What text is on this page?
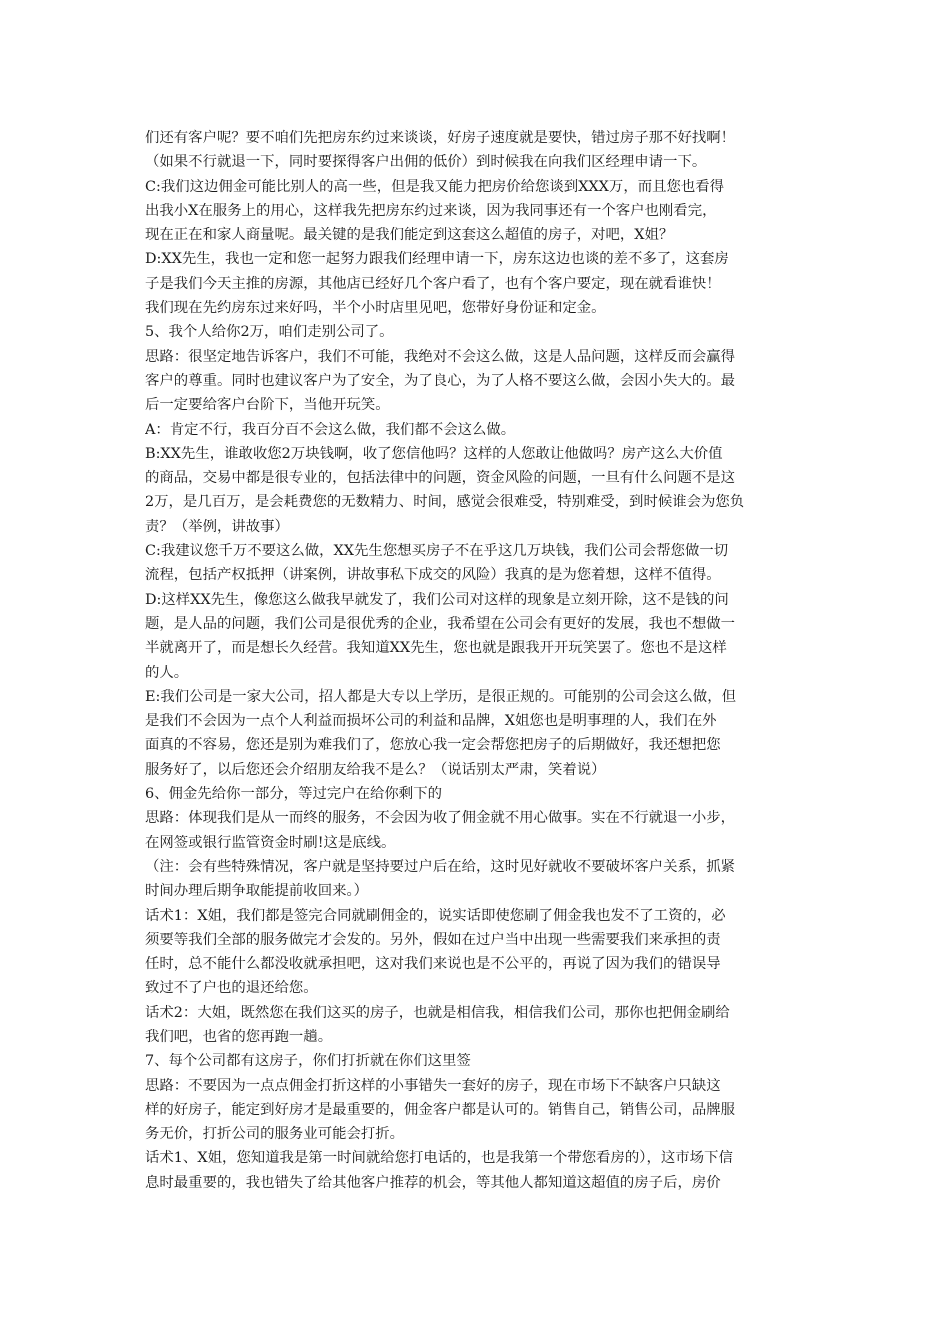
们还有客户呢？要不咱们先把房东约过来谈谈，好房子速度就是要快，错过房子那不好找啊！
（如果不行就退一下，同时要探得客户出佣的低价）到时候我在向我们区经理申请一下。
C:我们这边佣金可能比别人的高一些，但是我又能力把房价给您谈到XXX万，而且您也看得
出我小X在服务上的用心，这样我先把房东约过来谈，因为我同事还有一个客户也刚看完，
现在正在和家人商量呢。最关键的是我们能定到这套这么超值的房子，对吧，X姐？
D:XX先生，我也一定和您一起努力跟我们经理申请一下，房东这边也谈的差不多了，这套房
子是我们今天主推的房源，其他店已经好几个客户看了，也有个客户要定，现在就看谁快！
我们现在先约房东过来好吗，半个小时店里见吧，您带好身份证和定金。
5、我个人给你2万，咱们走别公司了。
思路：很坚定地告诉客户，我们不可能，我绝对不会这么做，这是人品问题，这样反而会赢得
客户的尊重。同时也建议客户为了安全，为了良心，为了人格不要这么做，会因小失大的。最
后一定要给客户台阶下，当他开玩笑。
A：肯定不行，我百分百不会这么做，我们都不会这么做。
B:XX先生，谁敢收您2万块钱啊，收了您信他吗？这样的人您敢让他做吗？房产这么大价值
的商品，交易中都是很专业的，包括法律中的问题，资金风险的问题，一旦有什么问题不是这
2万，是几百万，是会耗费您的无数精力、时间，感觉会很难受，特别难受，到时候谁会为您负
责？（举例，讲故事）
C:我建议您千万不要这么做，XX先生您想买房子不在乎这几万块钱，我们公司会帮您做一切
流程，包括产权抵押（讲案例，讲故事私下成交的风险）我真的是为您着想，这样不值得。
D:这样XX先生，像您这么做我早就发了，我们公司对这样的现象是立刻开除，这不是钱的问
题，是人品的问题，我们公司是很优秀的企业，我希望在公司会有更好的发展，我也不想做一
半就离开了，而是想长久经营。我知道XX先生，您也就是跟我开开玩笑罢了。您也不是这样
的人。
E:我们公司是一家大公司，招人都是大专以上学历，是很正规的。可能别的公司会这么做，但
是我们不会因为一点个人利益而损坏公司的利益和品牌，X姐您也是明事理的人，我们在外
面真的不容易，您还是别为难我们了，您放心我一定会帮您把房子的后期做好，我还想把您
服务好了，以后您还会介绍朋友给我不是么？（说话别太严肃，笑着说）
6、佣金先给你一部分，等过完户在给你剩下的
思路：体现我们是从一而终的服务，不会因为收了佣金就不用心做事。实在不行就退一小步，
在网签或银行监管资金时刷!这是底线。
（注：会有些特殊情况，客户就是坚持要过户后在给，这时见好就收不要破坏客户关系，抓紧
时间办理后期争取能提前收回来。）
话术1：X姐，我们都是签完合同就刷佣金的，说实话即使您刷了佣金我也发不了工资的，必
须要等我们全部的服务做完才会发的。另外，假如在过户当中出现一些需要我们来承担的责
任时，总不能什么都没收就承担吧，这对我们来说也是不公平的，再说了因为我们的错误导
致过不了户也的退还给您。
话术2：大姐，既然您在我们这买的房子，也就是相信我，相信我们公司，那你也把佣金刷给
我们吧，也省的您再跑一趟。
7、每个公司都有这房子，你们打折就在你们这里签
思路：不要因为一点点佣金打折这样的小事错失一套好的房子，现在市场下不缺客户只缺这
样的好房子，能定到好房才是最重要的，佣金客户都是认可的。销售自己，销售公司，品牌服
务无价，打折公司的服务业可能会打折。
话术1、X姐，您知道我是第一时间就给您打电话的，也是我第一个带您看房的），这市场下信
息时最重要的，我也错失了给其他客户推荐的机会，等其他人都知道这超值的房子后，房价
